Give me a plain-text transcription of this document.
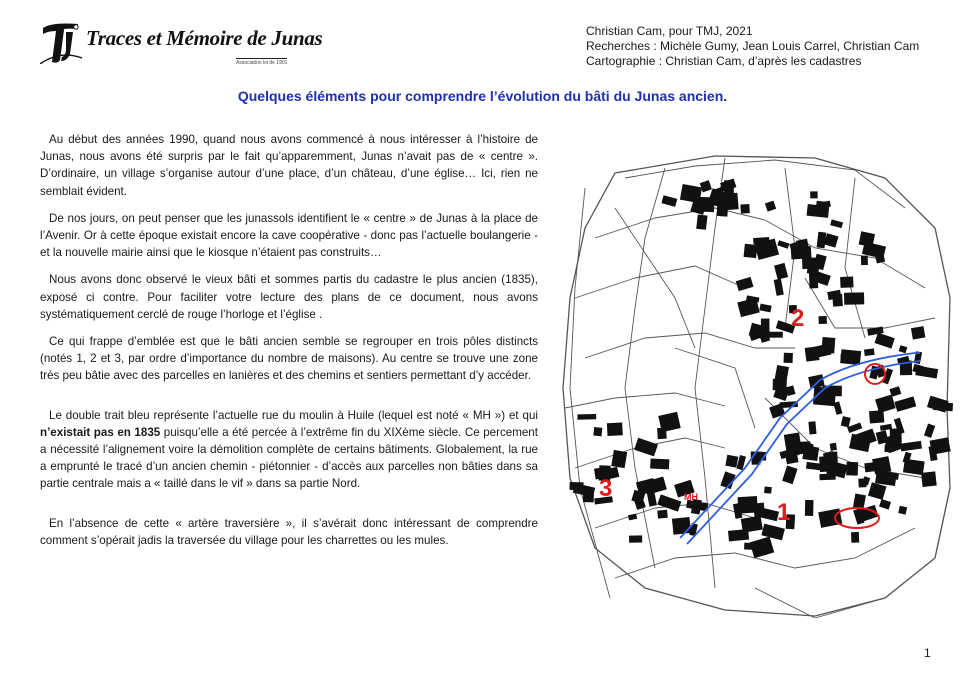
Traces et Mémoire de Junas
Association loi de 1901
Christian Cam, pour TMJ, 2021
Recherches : Michèle Gumy, Jean Louis Carrel, Christian Cam
Cartographie : Christian Cam, d’après les cadastres
Quelques éléments pour comprendre l’évolution du bâti du Junas ancien.

Au début des années 1990, quand nous avons commencé à nous intéresser à l’histoire de Junas, nous avons été surpris par le fait qu’apparemment, Junas n’avait pas de « centre ». D’ordinaire, un village s’organise autour d’une place, d’un château, d’une église… Ici, rien ne semblait évident.

De nos jours, on peut penser que les junassols identifient le « centre » de Junas à la place de l’Avenir. Or à cette époque existait encore la cave coopérative - donc pas l’actuelle boulangerie - et la nouvelle mairie ainsi que le kiosque n’étaient pas construits…

Nous avons donc observé le vieux bâti et sommes partis du cadastre le plus ancien (1835), exposé ci contre. Pour faciliter votre lecture des plans de ce document, nous avons systématiquement cerclé de rouge l’horloge et l’église .

Ce qui frappe d’emblée est que le bâti ancien semble se regrouper en trois pôles distincts (notés 1, 2 et 3, par ordre d’importance du nombre de maisons). Au centre se trouve une zone très peu bâtie avec des parcelles en lanières et des chemins et sentiers permettant d’y accéder.

Le double trait bleu représente l’actuelle rue du moulin à Huile (lequel est noté « MH ») et qui n’existait pas en 1835 puisqu’elle a été percée à l’extrême fin du XIXème siècle. Ce percement a nécessité l’alignement voire la démolition complète de certains bâtiments. Globalement, la rue a emprunté le tracé d’un ancien chemin - piétonnier - d’accès aux parcelles non bâties dans sa partie centrale mais a « taillé dans le vif » dans sa partie Nord.

En l’absence de cette « artère traversière », il s’avérait donc intéressant de comprendre comment s’opérait jadis la traversée du village pour les charrettes ou les mules.

2
1
3	MH
1
